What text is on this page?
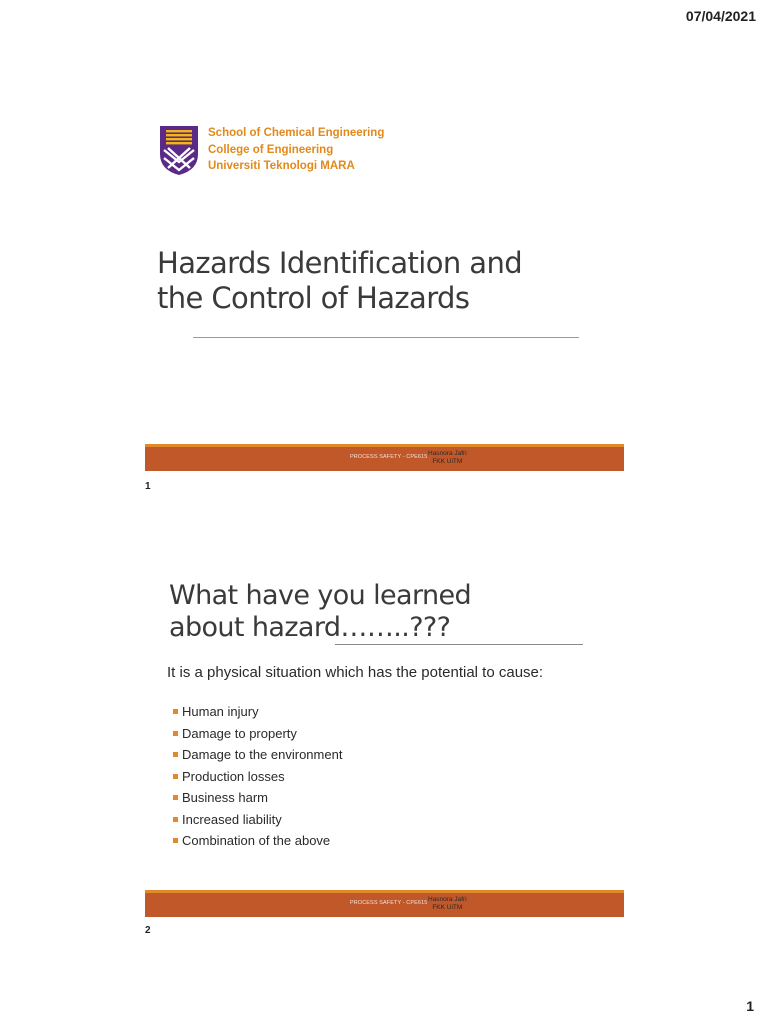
07/04/2021
School of Chemical Engineering
College of Engineering
Universiti Teknologi MARA
Hazards Identification and
the Control of Hazards
PROCESS SAFETY - CPE615 Hasnora Jafri
FKK UiTM
1
What have you learned
about hazard……..???
It is a physical situation which has the potential to cause:
Human injury
Damage to property
Damage to the environment
Production losses
Business harm
Increased liability
Combination of the above
PROCESS SAFETY - CPE615 Hasnora Jafri
FKK UiTM
2
1
